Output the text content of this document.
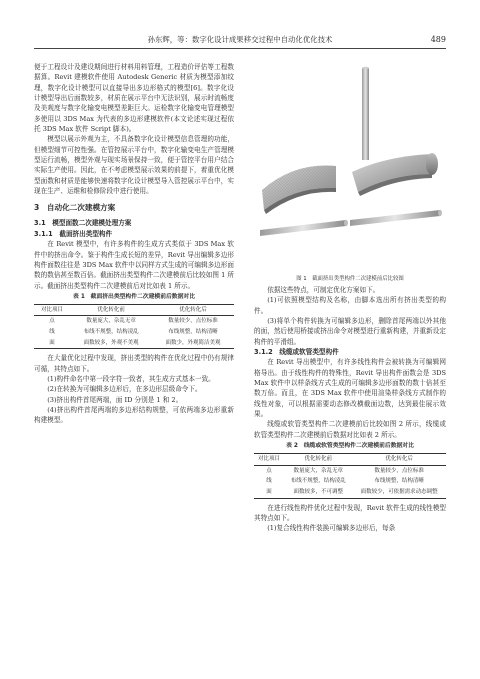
孙东辉，等：数字化设计成果移交过程中自动化优化技术	489

便于工程设计及建设期间进行材料用料管理，工程造价评估等工程数据算。Revit 建模软件使用 Autodesk Generic 材质为模型添加纹理，数字化设计模型可以直接导出多边形格式的模型[6]。数字化设计模型导出后面数较多，材质在展示平台中无法识别，展示时流畅度及美观度与数字化输变电模型差距巨大。运检数字化输变电管理模型多使用以 3DS Max 为代表的多边形建模软件(本文论述实现过程依托 3DS Max 软件 Script 脚本)。

模型以展示外观为主，不具备数字化设计模型信息管理的功能，但模型细节可控性强。在管控展示平台中，数字化输变电生产管理模型运行流畅，模型外观与现实场景保持一致，便于管控平台用户结合实际生产使用。因此，在不考虑模型展示效果的前提下，着重优化模型面数和材质是能够快速将数字化设计模型导入管控展示平台中，实现在生产、运维和检修阶段中进行使用。

3　自动化二次建模方案
3.1　模型面数二次建模处理方案
3.1.1　截面挤出类型构件

在 Revit 模型中，有许多构件的生成方式类似于 3DS Max 软件中的挤出命令。鉴于构件生成长短的差异，Revit 导出编辑多边形构件面数往往是 3DS Max 软件中以同样方式生成的可编辑多边形面数的数倍甚至数百倍。截面挤出类型构件二次建模前后比较如图 1 所示。截面挤出类型构件二次建模前后对比如表 1 所示。

表 1　截面挤出类型构件二次建模前后数据对比
对比项目	优化转化前	优化转化后
点	数量庞大，杂乱无章	数量较少，点位标准
线	布线不规整，结构凌乱	布线规整，结构清晰
面	面数较多，外观不美观	面数少，外观简洁美观

在大量优化过程中发现，挤出类型的构件在优化过程中仍有规律可循，其特点如下。

(1)构件命名中第一段字符一致者，其生成方式基本一致。

(2)在转换为可编辑多边形后，在多边形层级命令下。

(3)挤出构件首尾两端，面 ID 分别是 1 和 2。

(4)挤出构件首尾两端的多边形结构规整，可依两端多边形重新构建模型。

图 1　截面挤出类型构件二次建模前后比较图

依据这些特点，可制定优化方案如下。

(1)可依照模型结构及名称，由脚本选出所有挤出类型的构件。

(3)将单个构件转换为可编辑多边形，删除首尾两端以外其他的面，然后使用桥接或挤出命令对模型进行重新构建，并重新设定构件的平滑组。

3.1.2　线缆或软管类型构件

在 Revit 导出模型中，有许多线性构件会被转换为可编辑网格导出。由于线性构件的特殊性，Revit 导出构件面数会是 3DS Max 软件中以样条线方式生成的可编辑多边形面数的数十倍甚至数万倍。而且，在 3DS Max 软件中使用渲染样条线方式制作的线性对象，可以根据需要动态修改横截面边数，达到最佳展示效果。

线缆或软管类型构件二次建模前后比较如图 2 所示，线缆或软管类型构件二次建模前后数据对比如表 2 所示。

表 2　线缆或软管类型构件二次建模前后数据对比
对比项目	优化转化前	优化转化后
点	数量庞大，杂乱无章	数量较少，点位标准
线	布线不规整，结构凌乱	布线规整，结构清晰
面	面数较多，不可调整	面数较少，可依据需求动态调整

在进行线性构件优化过程中发现，Revit 软件生成的线性模型其特点如下。

(1)复合线性构件装换可编辑多边形后，每条
